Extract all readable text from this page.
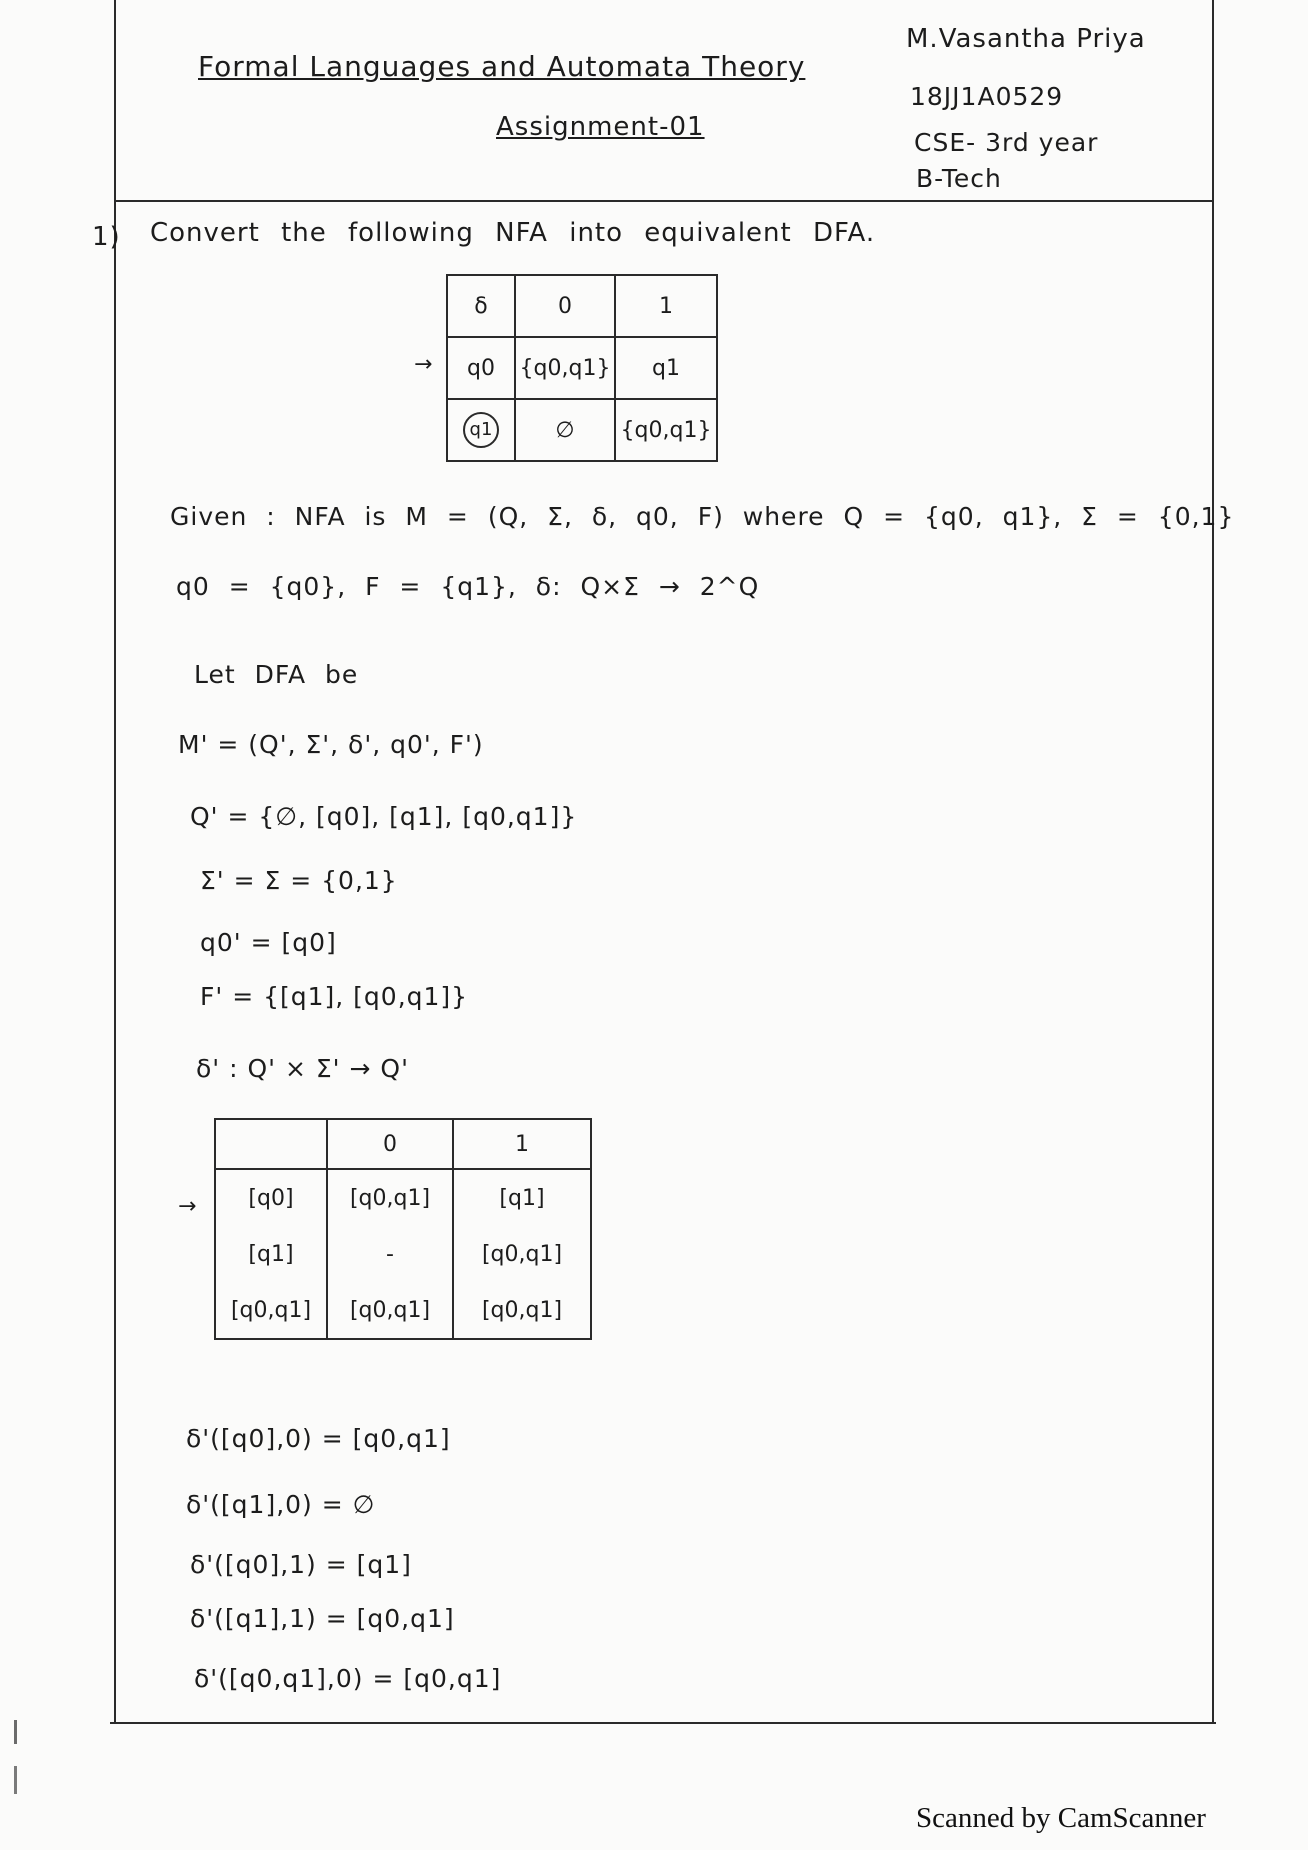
Formal Languages and Automata Theory
Assignment-01
M.Vasantha Priya
18JJ1A0529
CSE- 3rd year
B-Tech
1) Convert the following NFA into equivalent DFA.
→
δ	0	1
q0	{q0,q1}	q1
q1	∅	{q0,q1}
Given : NFA is M = (Q, Σ, δ, q0, F) where Q = {q0, q1}, Σ = {0,1}
q0 = {q0}, F = {q1}, δ: Q×Σ → 2^Q
Let DFA be
M' = (Q', Σ', δ', q0', F')
Q' = {∅, [q0], [q1], [q0,q1]}
Σ' = Σ = {0,1}
q0' = [q0]
F' = {[q1], [q0,q1]}
δ' : Q' × Σ' → Q'
→
	0	1
[q0]	[q0,q1]	[q1]
[q1]	-	[q0,q1]
[q0,q1]	[q0,q1]	[q0,q1]
δ'([q0],0) = [q0,q1]
δ'([q1],0) = ∅
δ'([q0],1) = [q1]
δ'([q1],1) = [q0,q1]
δ'([q0,q1],0) = [q0,q1]
Scanned by CamScanner
